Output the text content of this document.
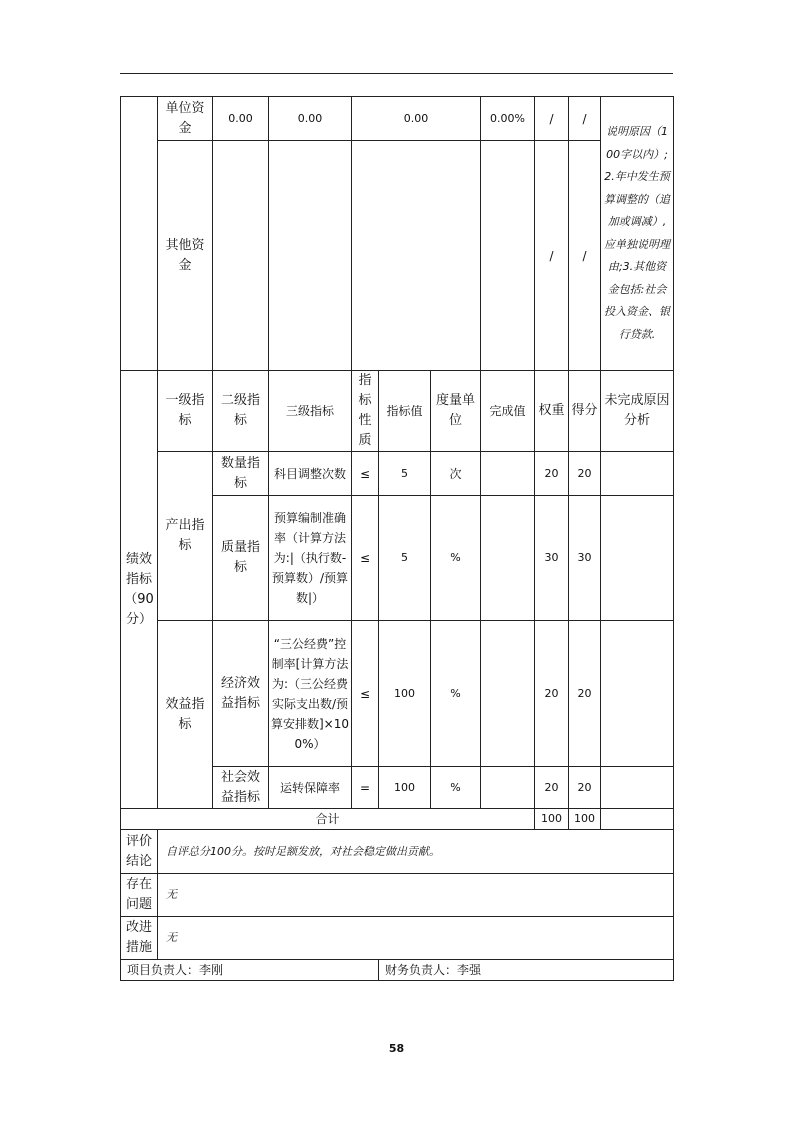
	单位资金	0.00	0.00	0.00			0.00%	/	/	说明原因（100字以内）;2.年中发生预算调整的（追加或调减）,应单独说明理由;3.其他资金包括:社会投入资金、银行贷款.
	其他资金							/	/	
绩效指标（90分）	一级指标	二级指标	三级指标	指标性质	指标值	度量单位	完成值	权重	得分	未完成原因分析
	产出指标	数量指标	科目调整次数	≤	5	次		20	20	
		质量指标	预算编制准确率（计算方法为:|（执行数-预算数）/预算数|）	≤	5	%		30	30	
	效益指标	经济效益指标	“三公经费”控制率[计算方法为:（三公经费实际支出数/预算安排数]×100%）	≤	100	%		20	20	
		社会效益指标	运转保障率	=	100	%		20	20	
合计								100	100	
评价结论	自评总分100分。按时足额发放，对社会稳定做出贡献。									
存在问题	无									
改进措施	无									
项目负责人：李刚					财务负责人：李强					
58
